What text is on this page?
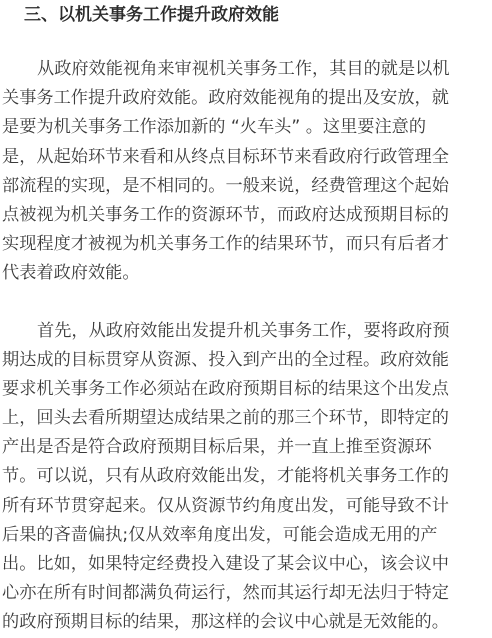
三、以机关事务工作提升政府效能
从政府效能视角来审视机关事务工作，其目的就是以机
关事务工作提升政府效能。政府效能视角的提出及安放，就
是要为机关事务工作添加新的 “火车头” 。这里要注意的
是，从起始环节来看和从终点目标环节来看政府行政管理全
部流程的实现，是不相同的。一般来说，经费管理这个起始
点被视为机关事务工作的资源环节，而政府达成预期目标的
实现程度才被视为机关事务工作的结果环节，而只有后者才
代表着政府效能。
首先，从政府效能出发提升机关事务工作，要将政府预
期达成的目标贯穿从资源、投入到产出的全过程。政府效能
要求机关事务工作必须站在政府预期目标的结果这个出发点
上，回头去看所期望达成结果之前的那三个环节，即特定的
产出是否是符合政府预期目标后果，并一直上推至资源环
节。可以说，只有从政府效能出发，才能将机关事务工作的
所有环节贯穿起来。仅从资源节约角度出发，可能导致不计
后果的吝啬偏执;仅从效率角度出发，可能会造成无用的产
出。比如，如果特定经费投入建设了某会议中心，该会议中
心亦在所有时间都满负荷运行，然而其运行却无法归于特定
的政府预期目标的结果，那这样的会议中心就是无效能的。
